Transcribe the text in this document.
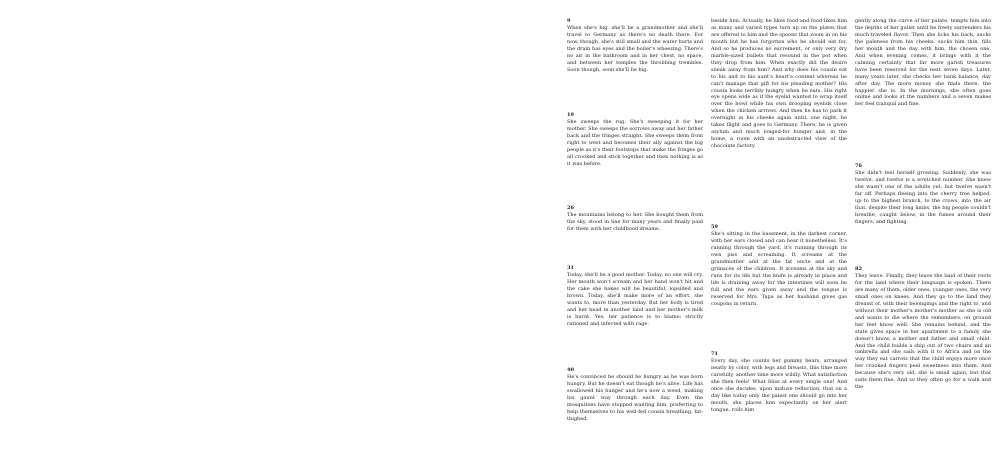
9

When she's big, she'll be a grandmother and she'll travel to Germany as there's no death there. For now, though, she's still small and the water hurts and the drain has eyes and the boiler's wheezing. There's no air in the bathroom and in her chest, no space, and between her temples the throbbing trembles. Soon though, soon she'll be big.

19

She sweeps the rug. She's sweeping it for her mother. She sweeps the sorrows away and her father back and the fringes straight. She sweeps them from right to west and becomes their ally against the big people as it's their footsteps that make the fringes go all crooked and stick together and then nothing is as it was before.

26

The mountains belong to her. She bought them from the sky, stood in line for many years and finally paid for them with her childhood dreams.

31

Today, she'll be a good mother. Today, no one will cry. Her mouth won't scream and her hand won't hit and the cake she bakes will be beautiful, lopsided and brown. Today, she'll make more of an effort, she wants to, more than yesterday. But her body is tired and her head in another land and her mother's milk is burnt. Yes, her patience is to blame: strictly rationed and infected with rage.

40

He's convinced he should be hungry as he was born hungry. But he doesn't eat though he's alive. Life has swallowed his hunger and he's now a weed, making his gaunt way through each day. Even the mosquitoes have stopped wanting him, preferring to help themselves to his well-fed cousin breathing, fat-thighed,

beside him. Actually, he likes food and food likes him as many and varied types turn up on the plates that are offered to him and the spoons that zoom in on his mouth but he has forgotten who he should eat for. And so he produces no excrement, or only very dry marble-sized bullets that resound in the pot when they drop from him. When exactly did the desire sneak away from him? And why does his cousin eat to his and to his aunt's heart's content whereas he can't manage that gift for his pleading mother? His cousin looks terribly hungry when he eats. His right eye opens wide as if the eyelid wanted to wrap itself over the bowl while his own drooping eyelids close when the chicken arrives. And then he has to park it overnight in his cheeks again until, one night, he takes flight and goes to Germany. There, he is given asylum and much longed-for hunger and, in the home, a room with an unobstructed view of the chocolate factory.

59

She's sitting in the basement, in the darkest corner, with her ears closed and can hear it nonetheless. It's running through the yard, it's running through its own piss and screaming. It screams at the grandmother and at the fat uncle and at the grimaces of the children. It screams at the sky and runs for its life but the knife is already in place and life is draining away for the intestines will soon be full and the ears given away and the tongue is reserved for Mrs. Tapa as her husband gives gas coupons in return.

71

Every day, she counts her gummy bears, arranged neatly by color, with legs and breasts, this time more carefully, another time more wildly. What satisfaction she then feels! What bliss at every single one! And once she decides, upon mature reflection, that on a day like today only the palest one should go into her mouth, she places him expectantly on her alert tongue, rolls him

gently along the curve of her palate, tempts him into the depths of her gullet until he freely surrenders his much-traveled flavor. Then she licks his back, sucks the paleness from his cheeks, sucks him thin, fills her mouth and the day with him, the chosen one. And when evening comes, it brings with it the calming certainty that far more garish treasures have been reserved for the next seven days. Later, many years later, she checks her bank balance, day after day. The more money she finds there, the happier she is. In the mornings, she often goes online and looks at the numbers and a seven makes her feel tranquil and fine.

76

She didn't feel herself growing. Suddenly, she was twelve, and twelve is a wretched number. She knew she wasn't one of the adults yet, but twelve wasn't far off. Perhaps fleeing into the cherry tree helped, up to the highest branch, to the crows, into the air that, despite their long limbs, the big people couldn't breathe, caught below, in the fumes around their fingers, and fighting.

82

They leave. Finally, they leave the land of their roots for the land where their language is spoken. There are many of them, older ones, younger ones, the very small ones on knees. And they go to the land they dreamt of, with their belongings and the right to, and without their mother's mother's mother as she is old and wants to die where the remembers, on ground her feet know well. She remains behind, and the state gives space in her apartment to a family she doesn't know, a mother and father and small child. And the child builds a ship out of two chairs and an umbrella and she sails with it to Africa and on the way they eat carrots that the child enjoys more once her crooked fingers peel sweetness into them. And because she's very old, she is small again, but that suits them fine. And so they often go for a walk and the
